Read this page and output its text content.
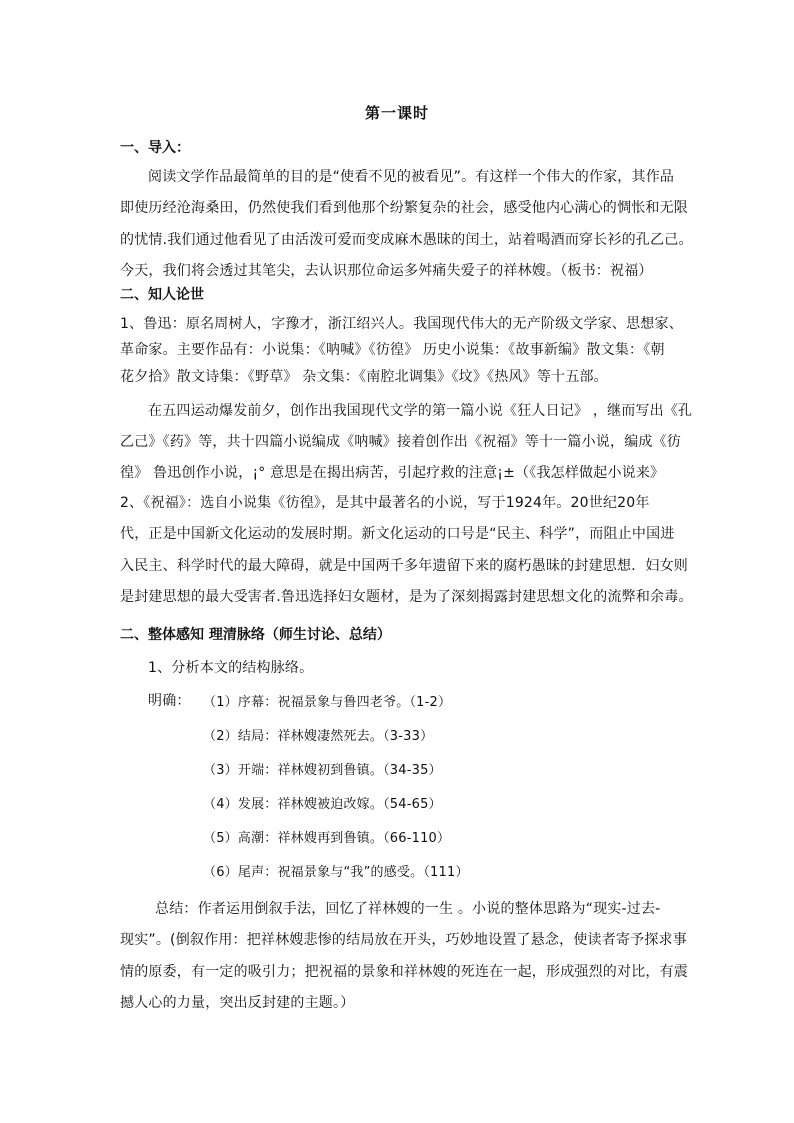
第一课时
一、导入：
阅读文学作品最简单的目的是“使看不见的被看见”。有这样一个伟大的作家，其作品
即使历经沧海桑田，仍然使我们看到他那个纷繁复杂的社会，感受他内心满心的惆怅和无限
的忧情.我们通过他看见了由活泼可爱而变成麻木愚昧的闰土，站着喝酒而穿长衫的孔乙己。
今天，我们将会透过其笔尖，去认识那位命运多舛痛失爱子的祥林嫂。（板书：祝福）
二、知人论世
1、鲁迅：原名周树人，字豫才，浙江绍兴人。我国现代伟大的无产阶级文学家、思想家、
革命家。主要作品有：小说集：《呐喊》《彷徨》 历史小说集：《故事新编》散文集：《朝
花夕拾》散文诗集：《野草》 杂文集：《南腔北调集》《坟》《热风》等十五部。
在五四运动爆发前夕，创作出我国现代文学的第一篇小说《狂人日记》 ，继而写出《孔
乙己》《药》等，共十四篇小说编成《呐喊》接着创作出《祝福》等十一篇小说，编成《彷
徨》 鲁迅创作小说，¡° 意思是在揭出病苦，引起疗救的注意¡±（《我怎样做起小说来》
2、《祝福》：选自小说集《彷徨》，是其中最著名的小说，写于1924年。20世纪20年
代，正是中国新文化运动的发展时期。新文化运动的口号是“民主、科学”，而阻止中国进
入民主、科学时代的最大障碍，就是中国两千多年遗留下来的腐朽愚昧的封建思想．妇女则
是封建思想的最大受害者.鲁迅选择妇女题材，是为了深刻揭露封建思想文化的流弊和余毒。
二、整体感知 理清脉络（师生讨论、总结）
1、分析本文的结构脉络。
明确： （1）序幕：祝福景象与鲁四老爷。（1-2）
（2）结局：祥林嫂凄然死去。（3-33）
（3）开端：祥林嫂初到鲁镇。（34-35）
（4）发展：祥林嫂被迫改嫁。（54-65）
（5）高潮：祥林嫂再到鲁镇。（66-110）
（6）尾声：祝福景象与“我”的感受。（111）
总结：作者运用倒叙手法，回忆了祥林嫂的一生 。小说的整体思路为“现实-过去-
现实”。(倒叙作用：把祥林嫂悲惨的结局放在开头，巧妙地设置了悬念，使读者寄予探求事
情的原委，有一定的吸引力；把祝福的景象和祥林嫂的死连在一起，形成强烈的对比，有震
撼人心的力量，突出反封建的主题。）
